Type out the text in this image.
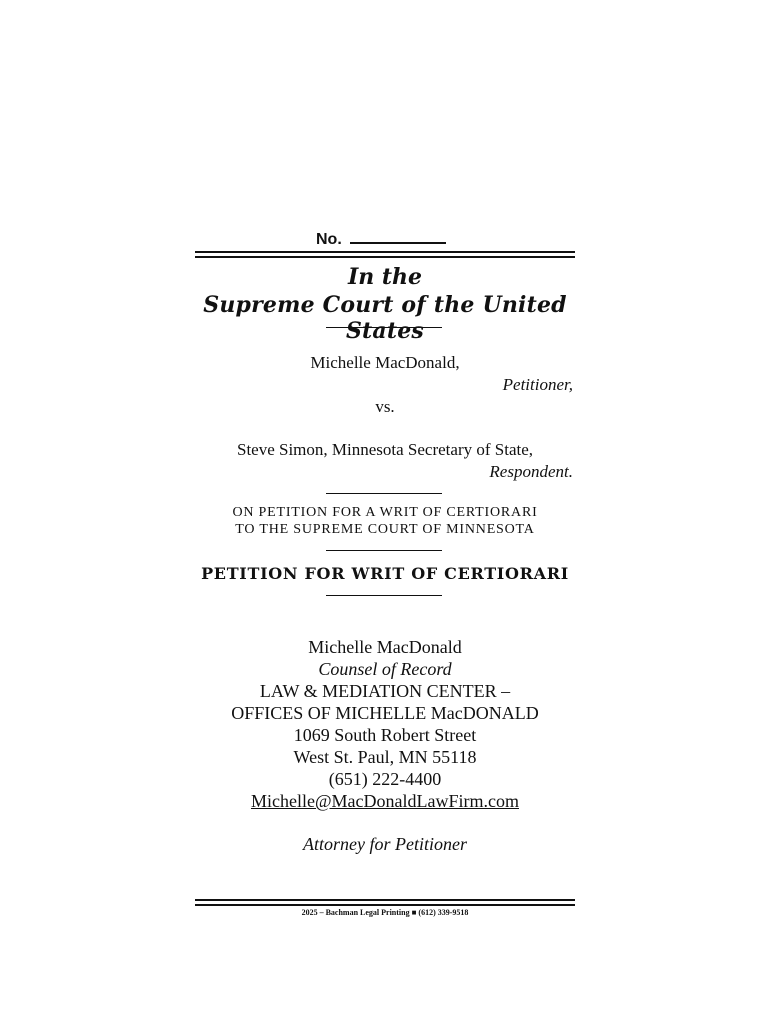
No.
In the
Supreme Court of the United States
Michelle MacDonald,
Petitioner,
vs.
Steve Simon, Minnesota Secretary of State,
Respondent.
ON PETITION FOR A WRIT OF CERTIORARI
TO THE SUPREME COURT OF MINNESOTA
PETITION FOR WRIT OF CERTIORARI
Michelle MacDonald
Counsel of Record
LAW & MEDIATION CENTER –
OFFICES OF MICHELLE MacDONALD
1069 South Robert Street
West St. Paul, MN 55118
(651) 222-4400
Michelle@MacDonaldLawFirm.com
Attorney for Petitioner
2025 – Bachman Legal Printing ■ (612) 339-9518
